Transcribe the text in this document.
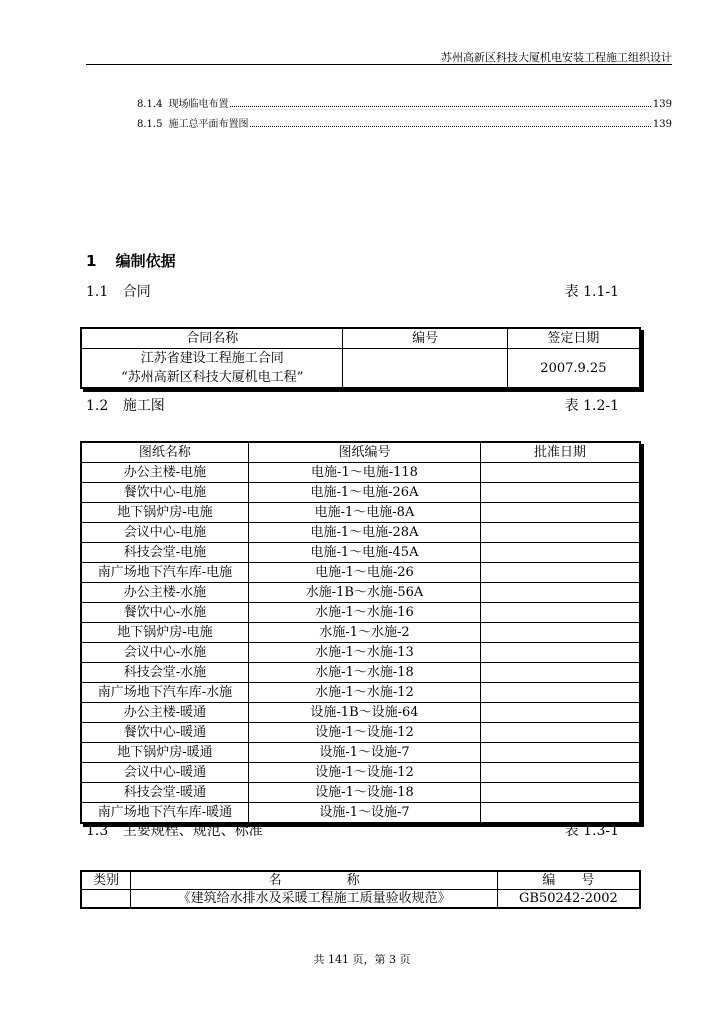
苏州高新区科技大厦机电安装工程施工组织设计
8.1.4 现场临电布置	139
8.1.5 施工总平面布置图	139
1 编制依据
1.1 合同	表 1.1-1
合同名称	编号	签定日期

江苏省建设工程施工合同
“苏州高新区科技大厦机电工程”		2007.9.25
1.2 施工图	表 1.2-1
图纸名称	图纸编号	批准日期
办公主楼-电施	电施-1～电施-118	
餐饮中心-电施	电施-1～电施-26A	
地下锅炉房-电施	电施-1～电施-8A	
会议中心-电施	电施-1～电施-28A	
科技会堂-电施	电施-1～电施-45A	
南广场地下汽车库-电施	电施-1～电施-26	
办公主楼-水施	水施-1B～水施-56A	
餐饮中心-水施	水施-1～水施-16	
地下锅炉房-电施	水施-1～水施-2	
会议中心-水施	水施-1～水施-13	
科技会堂-水施	水施-1～水施-18	
南广场地下汽车库-水施	水施-1～水施-12	
办公主楼-暖通	设施-1B～设施-64	
餐饮中心-暖通	设施-1～设施-12	
地下锅炉房-暖通	设施-1～设施-7	
会议中心-暖通	设施-1～设施-12	
科技会堂-暖通	设施-1～设施-18	
南广场地下汽车库-暖通	设施-1～设施-7	
1.3 主要规程、规范、标准	表 1.3-1
类别	名　　　　　称	编　　号
	《建筑给水排水及采暖工程施工质量验收规范》	GB50242-2002
共 141 页，第 3 页
